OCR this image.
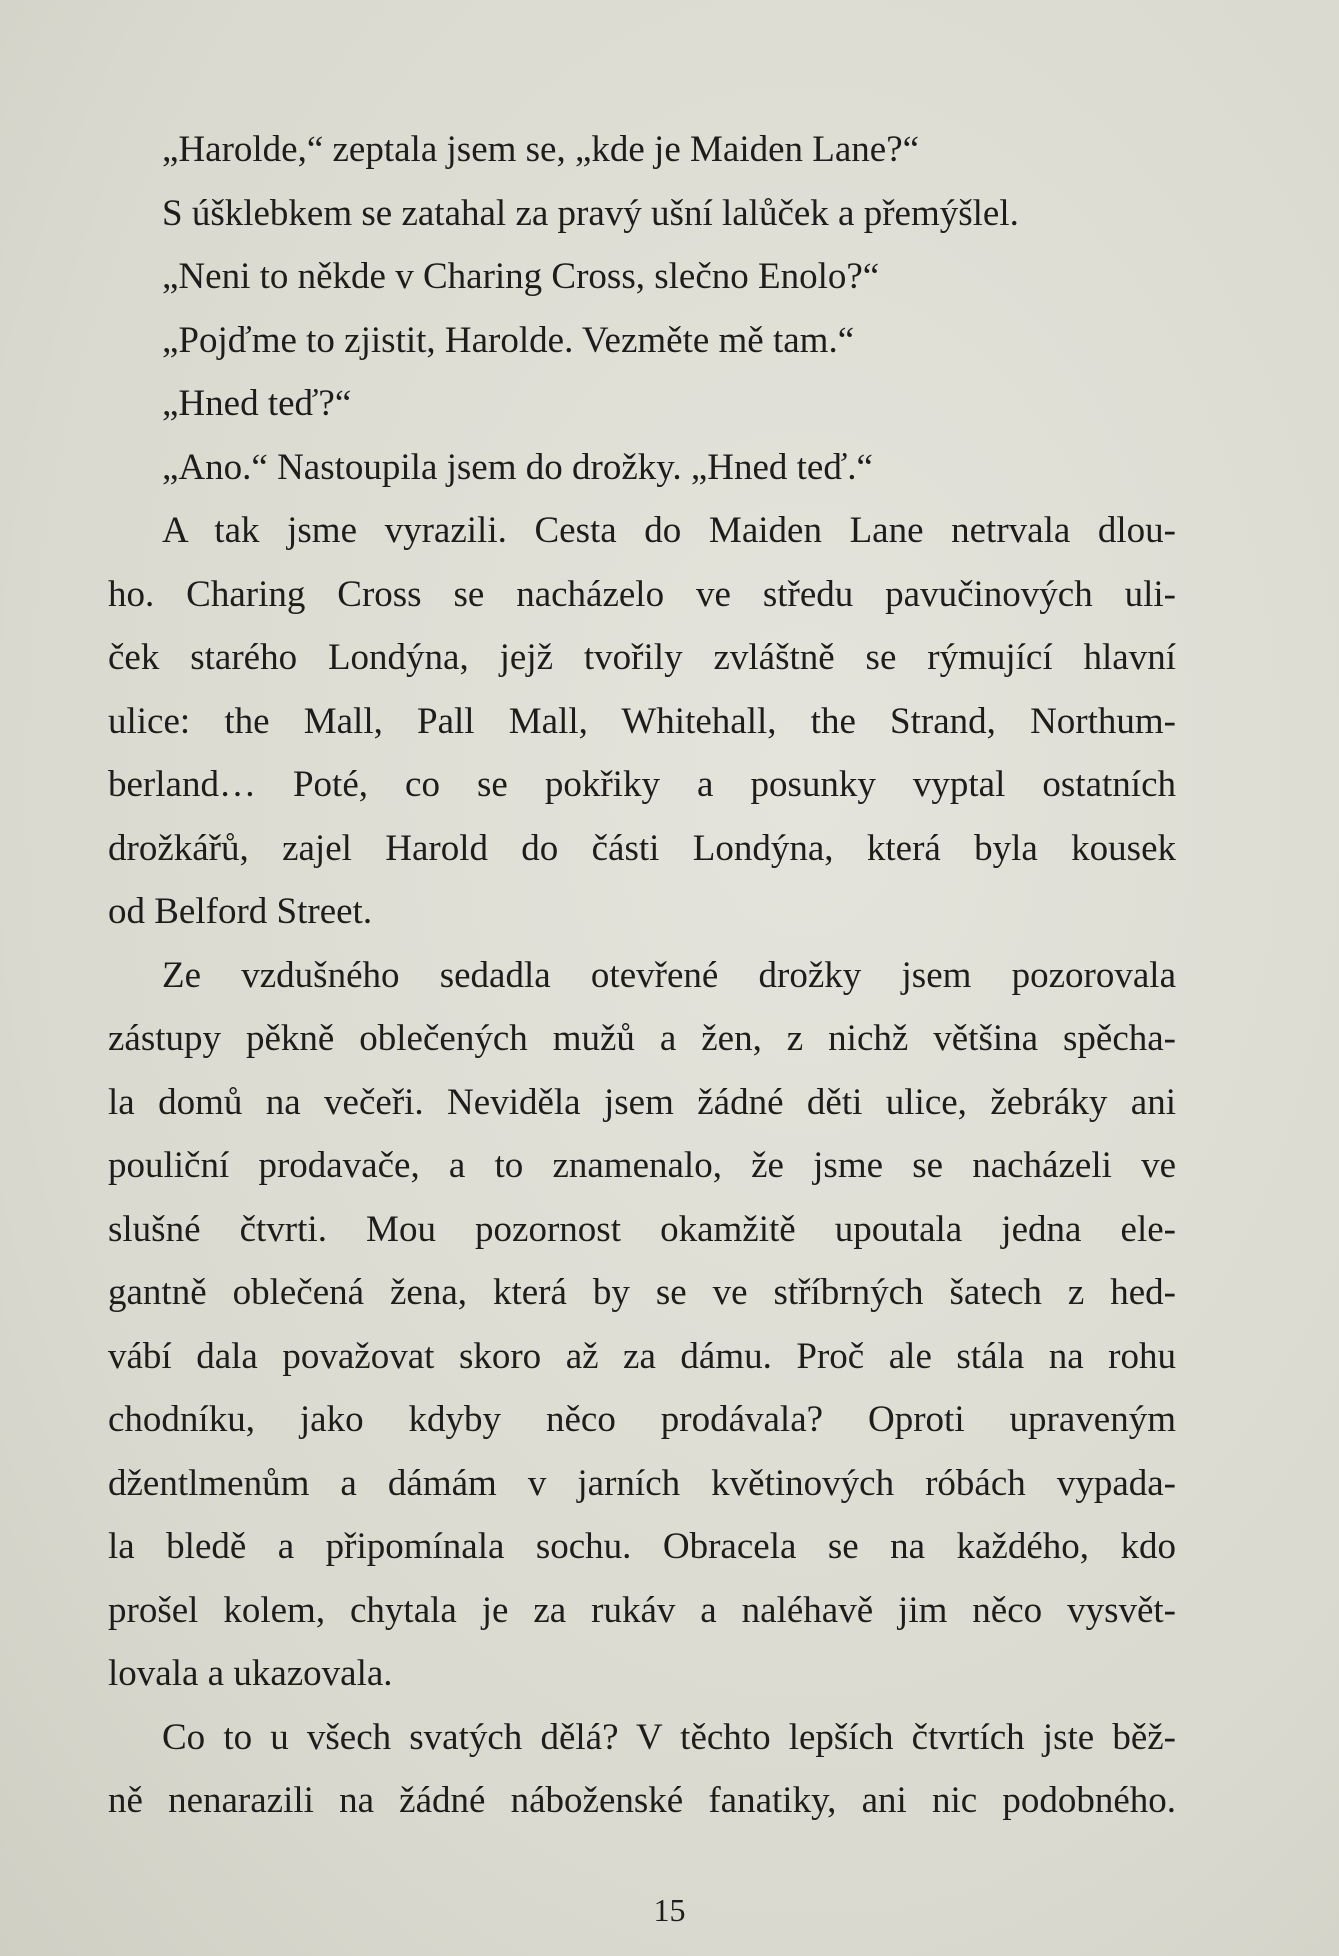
„Harolde,“ zeptala jsem se, „kde je Maiden Lane?“
S úšklebkem se zatahal za pravý ušní lalůček a přemýšlel.
„Neni to někde v Charing Cross, slečno Enolo?“
„Pojďme to zjistit, Harolde. Vezměte mě tam.“
„Hned teď?“
„Ano.“ Nastoupila jsem do drožky. „Hned teď.“
A tak jsme vyrazili. Cesta do Maiden Lane netrvala dlou-
ho. Charing Cross se nacházelo ve středu pavučinových uli-
ček starého Londýna, jejž tvořily zvláštně se rýmující hlavní
ulice: the Mall, Pall Mall, Whitehall, the Strand, Northum-
berland… Poté, co se pokřiky a posunky vyptal ostatních
drožkářů, zajel Harold do části Londýna, která byla kousek
od Belford Street.
Ze vzdušného sedadla otevřené drožky jsem pozorovala
zástupy pěkně oblečených mužů a žen, z nichž většina spěcha-
la domů na večeři. Neviděla jsem žádné děti ulice, žebráky ani
pouliční prodavače, a to znamenalo, že jsme se nacházeli ve
slušné čtvrti. Mou pozornost okamžitě upoutala jedna ele-
gantně oblečená žena, která by se ve stříbrných šatech z hed-
vábí dala považovat skoro až za dámu. Proč ale stála na rohu
chodníku, jako kdyby něco prodávala? Oproti upraveným
džentlmenům a dámám v jarních květinových róbách vypada-
la bledě a připomínala sochu. Obracela se na každého, kdo
prošel kolem, chytala je za rukáv a naléhavě jim něco vysvět-
lovala a ukazovala.
Co to u všech svatých dělá? V těchto lepších čtvrtích jste běž-
ně nenarazili na žádné náboženské fanatiky, ani nic podobného.
15
